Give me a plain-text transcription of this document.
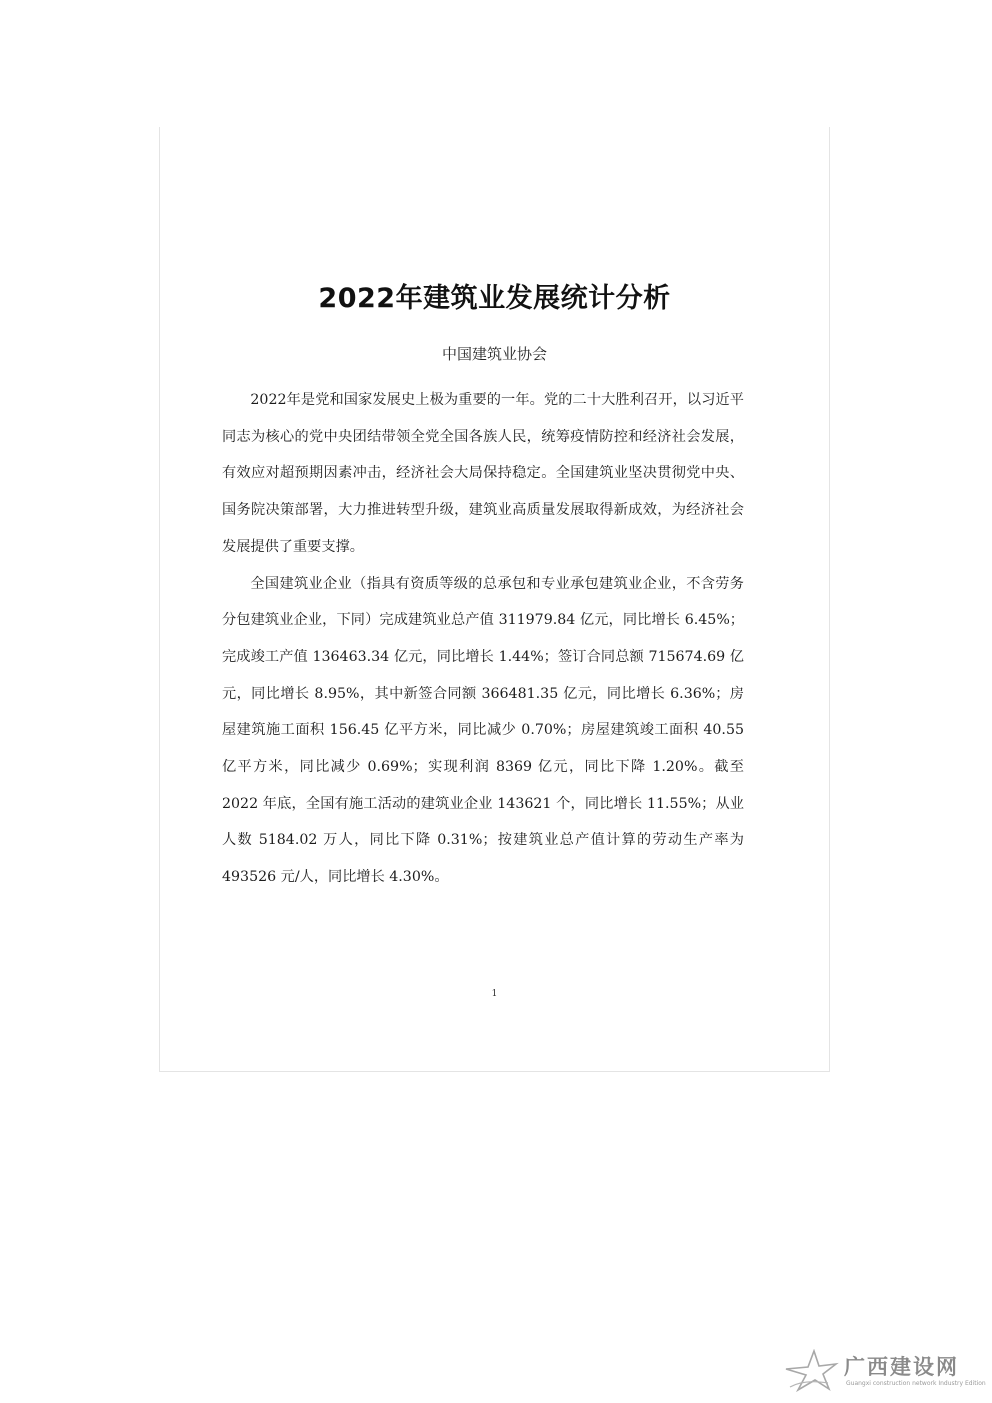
2022年建筑业发展统计分析
中国建筑业协会

2022年是党和国家发展史上极为重要的一年。党的二十大胜利召开，以习近平同志为核心的党中央团结带领全党全国各族人民，统筹疫情防控和经济社会发展，有效应对超预期因素冲击，经济社会大局保持稳定。全国建筑业坚决贯彻党中央、国务院决策部署，大力推进转型升级，建筑业高质量发展取得新成效，为经济社会发展提供了重要支撑。

全国建筑业企业（指具有资质等级的总承包和专业承包建筑业企业，不含劳务分包建筑业企业，下同）完成建筑业总产值 311979.84 亿元，同比增长 6.45%；完成竣工产值 136463.34 亿元，同比增长 1.44%；签订合同总额 715674.69 亿元，同比增长 8.95%，其中新签合同额 366481.35 亿元，同比增长 6.36%；房屋建筑施工面积 156.45 亿平方米，同比减少 0.70%；房屋建筑竣工面积 40.55 亿平方米，同比减少 0.69%；实现利润 8369 亿元，同比下降 1.20%。截至 2022 年底，全国有施工活动的建筑业企业 143621 个，同比增长 11.55%；从业人数 5184.02 万人，同比下降 0.31%；按建筑业总产值计算的劳动生产率为 493526 元/人，同比增长 4.30%。

1
广西建设网
Guangxi construction network Industry Edition
